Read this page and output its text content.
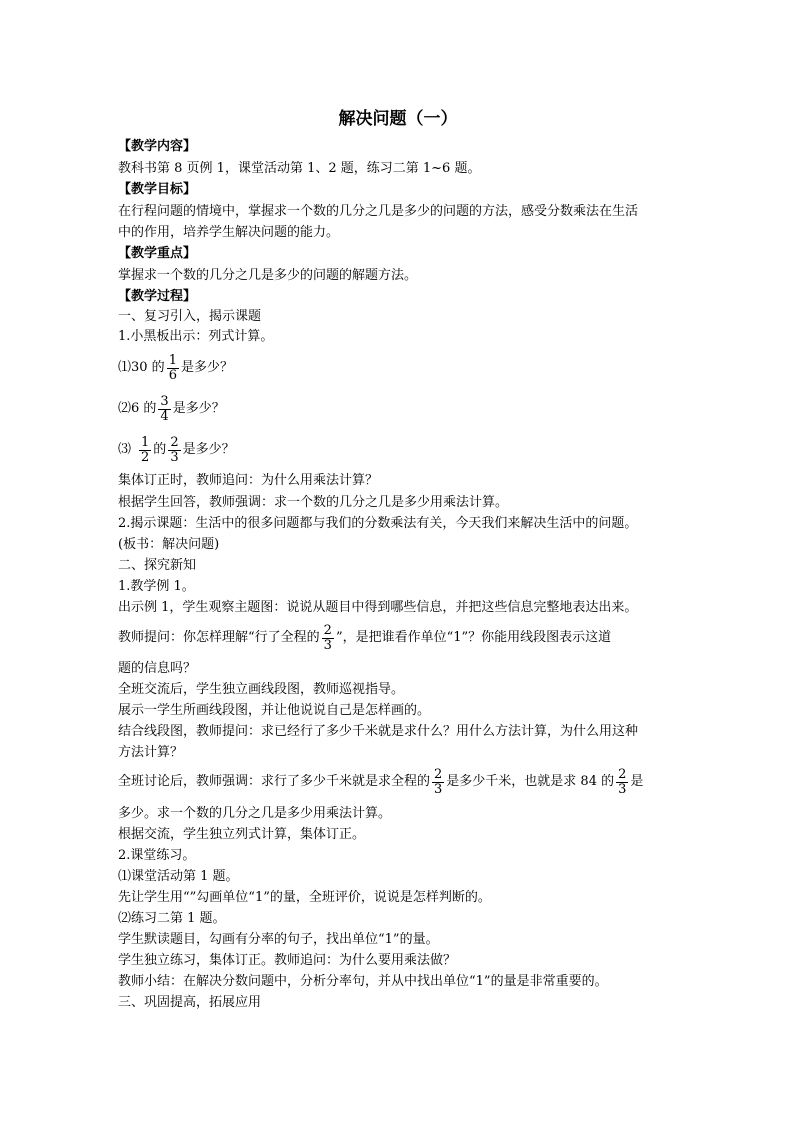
解决问题（一）
【教学内容】
教科书第 8 页例 1，课堂活动第 1、2 题，练习二第 1~6 题。
【教学目标】
在行程问题的情境中，掌握求一个数的几分之几是多少的问题的方法，感受分数乘法在生活
中的作用，培养学生解决问题的能力。
【教学重点】
掌握求一个数的几分之几是多少的问题的解题方法。
【教学过程】
一、复习引入，揭示课题
1.小黑板出示：列式计算。
⑴30 的 $\frac{1}{6}$ 是多少？
⑵6 的 $\frac{3}{4}$ 是多少？
⑶ $\frac{1}{2}$ 的 $\frac{2}{3}$ 是多少？
集体订正时，教师追问：为什么用乘法计算？
根据学生回答，教师强调：求一个数的几分之几是多少用乘法计算。
2.揭示课题：生活中的很多问题都与我们的分数乘法有关，今天我们来解决生活中的问题。
(板书：解决问题)
二、探究新知
1.教学例 1。
出示例 1，学生观察主题图：说说从题目中得到哪些信息，并把这些信息完整地表达出来。
教师提问：你怎样理解“行了全程的 $\frac{2}{3}$ ”，是把谁看作单位“1”？你能用线段图表示这道
题的信息吗？
全班交流后，学生独立画线段图，教师巡视指导。
展示一学生所画线段图，并让他说说自己是怎样画的。
结合线段图，教师提问：求已经行了多少千米就是求什么？用什么方法计算，为什么用这种
方法计算？
全班讨论后，教师强调：求行了多少千米就是求全程的 $\frac{2}{3}$ 是多少千米，也就是求 84 的 $\frac{2}{3}$ 是
多少。求一个数的几分之几是多少用乘法计算。
根据交流，学生独立列式计算，集体订正。
2.课堂练习。
⑴课堂活动第 1 题。
先让学生用“”勾画单位“1”的量，全班评价，说说是怎样判断的。
⑵练习二第 1 题。
学生默读题目，勾画有分率的句子，找出单位“1”的量。
学生独立练习，集体订正。教师追问：为什么要用乘法做？
教师小结：在解决分数问题中，分析分率句，并从中找出单位“1”的量是非常重要的。
三、巩固提高，拓展应用
